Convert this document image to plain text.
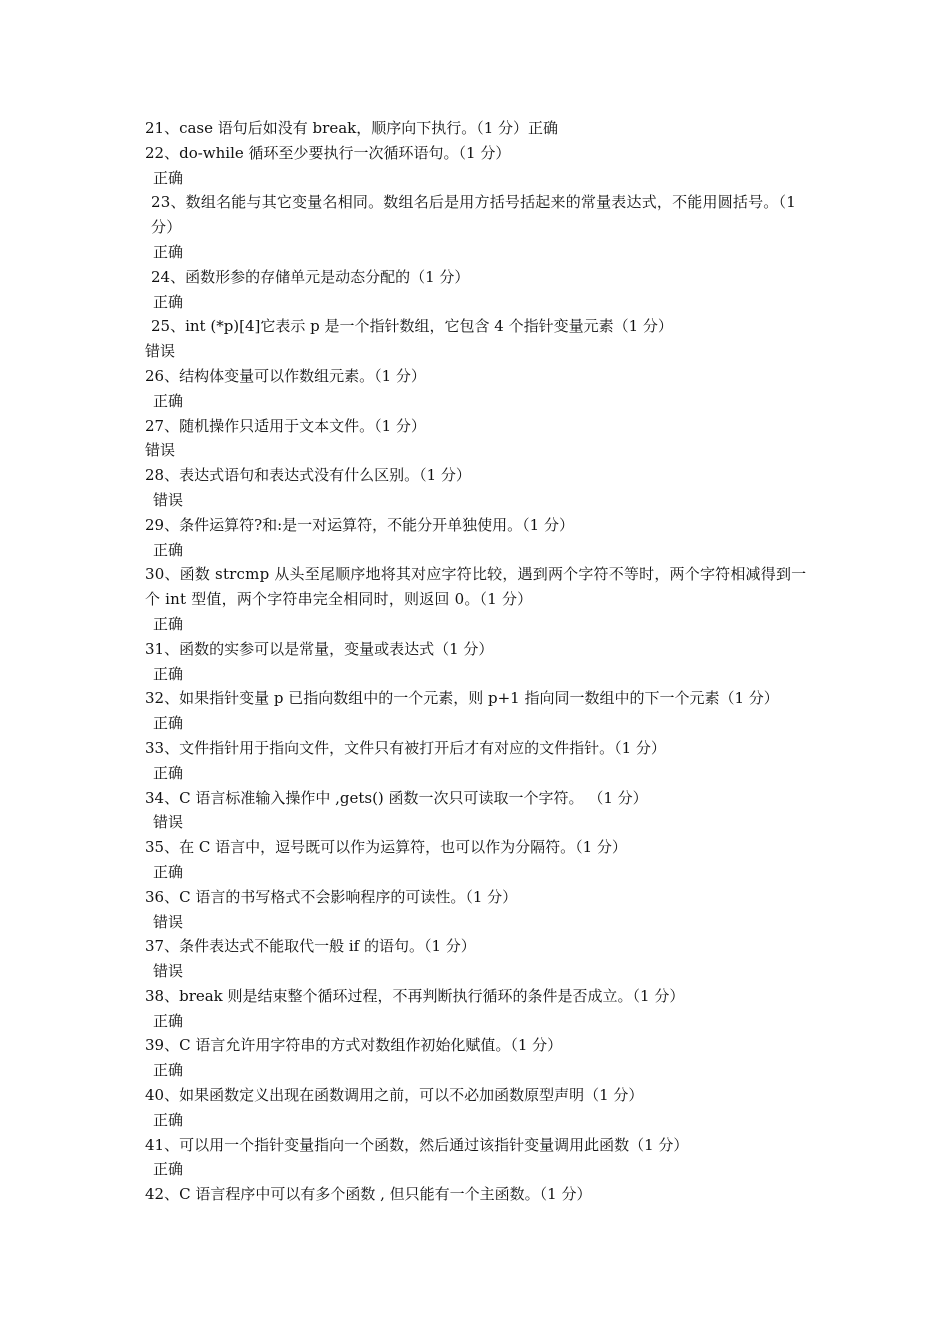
21、case 语句后如没有 break，顺序向下执行。（1 分）正确
22、do-while 循环至少要执行一次循环语句。（1 分）
正确
23、数组名能与其它变量名相同。数组名后是用方括号括起来的常量表达式，不能用圆括号。（1 分）
正确
24、函数形参的存储单元是动态分配的（1 分）
正确
25、int (*p)[4]它表示 p 是一个指针数组，它包含 4 个指针变量元素（1 分）
错误
26、结构体变量可以作数组元素。（1 分）
正确
27、随机操作只适用于文本文件。（1 分）
错误
28、表达式语句和表达式没有什么区别。（1 分）
错误
29、条件运算符?和:是一对运算符，不能分开单独使用。（1 分）
正确
30、函数 strcmp 从头至尾顺序地将其对应字符比较，遇到两个字符不等时，两个字符相减得到一个 int 型值，两个字符串完全相同时，则返回 0。（1 分）
正确
31、函数的实参可以是常量，变量或表达式（1 分）
正确
32、如果指针变量 p 已指向数组中的一个元素，则 p+1 指向同一数组中的下一个元素（1 分）
正确
33、文件指针用于指向文件，文件只有被打开后才有对应的文件指针。（1 分）
正确
34、C 语言标准输入操作中 ,gets() 函数一次只可读取一个字符。 （1 分）
错误
35、在 C 语言中，逗号既可以作为运算符，也可以作为分隔符。（1 分）
正确
36、C 语言的书写格式不会影响程序的可读性。（1 分）
错误
37、条件表达式不能取代一般 if 的语句。（1 分）
错误
38、break 则是结束整个循环过程，不再判断执行循环的条件是否成立。（1 分）
正确
39、C 语言允许用字符串的方式对数组作初始化赋值。（1 分）
正确
40、如果函数定义出现在函数调用之前，可以不必加函数原型声明（1 分）
正确
41、可以用一个指针变量指向一个函数，然后通过该指针变量调用此函数（1 分）
正确
42、C 语言程序中可以有多个函数 , 但只能有一个主函数。（1 分）
